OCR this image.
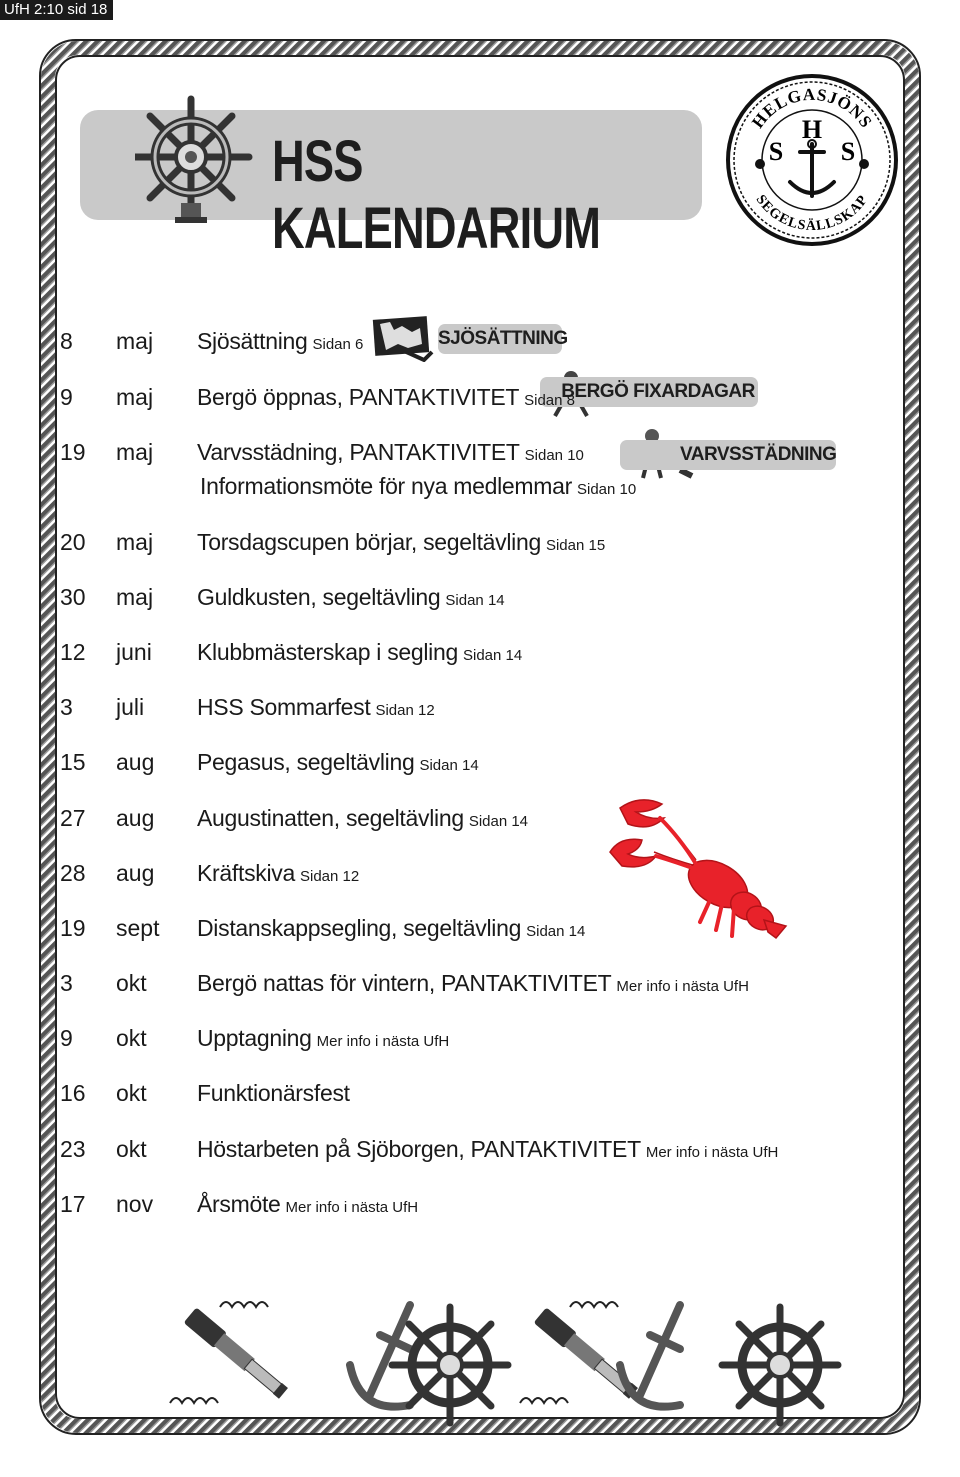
UfH 2:10 sid 18
HSS KALENDARIUM
HELGASJÖNS
SEGELSÄLLSKAP
H
S S
SJÖSÄTTNING
BERGÖ FIXARDAGAR
VARVSSTÄDNING
8	maj Sjösättning Sidan 6
9	maj Bergö öppnas, PANTAKTIVITET Sidan 8
19	maj Varvsstädning, PANTAKTIVITET Sidan 10
Informationsmöte för nya medlemmar Sidan 10
20	maj Torsdagscupen börjar, segeltävling Sidan 15
30	maj Guldkusten, segeltävling Sidan 14
12	juni Klubbmästerskap i segling Sidan 14
3	juli HSS Sommarfest Sidan 12
15	aug Pegasus, segeltävling Sidan 14
27	aug Augustinatten, segeltävling Sidan 14
28	aug Kräftskiva Sidan 12
19	sept Distanskappsegling, segeltävling Sidan 14
3	okt Bergö nattas för vintern, PANTAKTIVITET Mer info i nästa UfH
9	okt Upptagning Mer info i nästa UfH
16	okt Funktionärsfest
23	okt Höstarbeten på Sjöborgen, PANTAKTIVITET Mer info i nästa UfH
17	nov Årsmöte Mer info i nästa UfH
